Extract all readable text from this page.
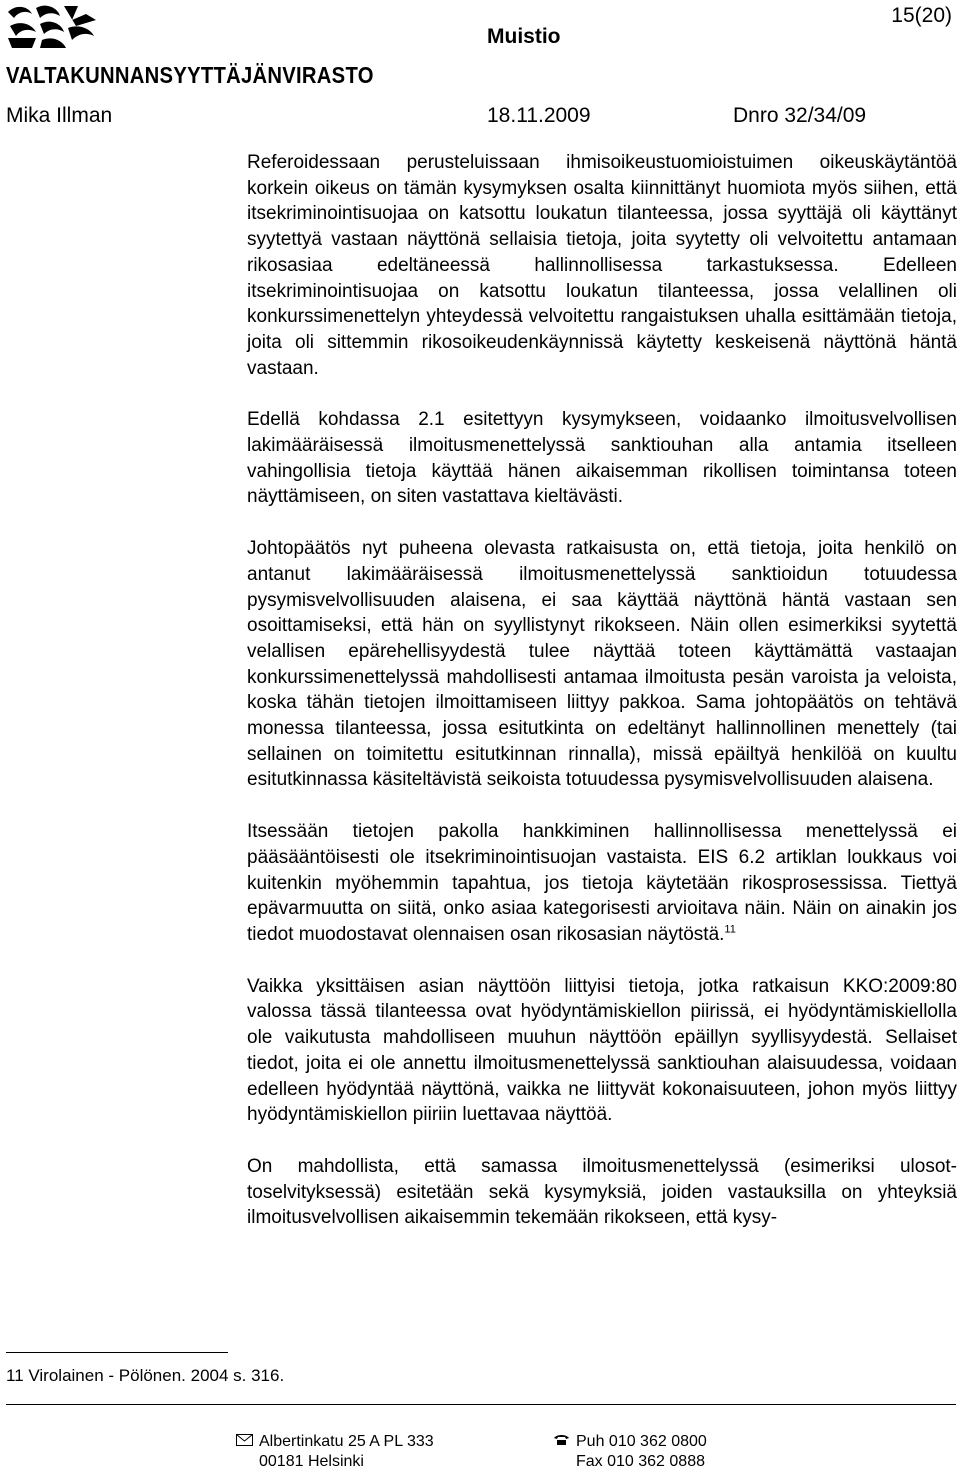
VALTAKUNNANSYYTTÄJÄNVIRASTO
Muistio
15(20)
Mika Illman	18.11.2009	Dnro 32/34/09

Referoidessaan perusteluissaan ihmisoikeustuomioistuimen oikeuskäytäntöä korkein oikeus on tämän kysymyksen osalta kiinnittänyt huomiota myös siihen, että itsekriminointisuojaa on katsottu loukatun tilanteessa, jossa syyttäjä oli käyttänyt syytettyä vastaan näyttönä sellaisia tietoja, joita syytetty oli velvoitettu antamaan rikosasiaa edeltäneessä hallinnollisessa tarkastuksessa. Edelleen itsekriminointisuojaa on katsottu loukatun tilanteessa, jossa velallinen oli konkurssimenettelyn yhteydessä velvoitettu rangaistuksen uhalla esittämään tietoja, joita oli sittemmin rikosoikeudenkäynnissä käytetty keskeisenä näyttönä häntä vastaan.

Edellä kohdassa 2.1 esitettyyn kysymykseen, voidaanko ilmoitusvelvollisen lakimääräisessä ilmoitusmenettelyssä sanktiouhan alla antamia itselleen vahingollisia tietoja käyttää hänen aikaisemman rikollisen toimintansa toteen näyttämiseen, on siten vastattava kieltävästi.

Johtopäätös nyt puheena olevasta ratkaisusta on, että tietoja, joita henkilö on antanut lakimääräisessä ilmoitusmenettelyssä sanktioidun totuudessa pysymisvelvollisuuden alaisena, ei saa käyttää näyttönä häntä vastaan sen osoittamiseksi, että hän on syyllistynyt rikokseen. Näin ollen esimerkiksi syytettä velallisen epärehellisyydestä tulee näyttää toteen käyttämättä vastaajan konkurssimenettelyssä mahdollisesti antamaa ilmoitusta pesän varoista ja veloista, koska tähän tietojen ilmoittamiseen liittyy pakkoa. Sama johtopäätös on tehtävä monessa tilanteessa, jossa esitutkinta on edeltänyt hallinnollinen menettely (tai sellainen on toimitettu esitutkinnan rinnalla), missä epäiltyä henkilöä on kuultu esitutkinnassa käsiteltävistä seikoista totuudessa pysymisvelvollisuuden alaisena.

Itsessään tietojen pakolla hankkiminen hallinnollisessa menettelyssä ei pääsääntöisesti ole itsekriminointisuojan vastaista. EIS 6.2 artiklan loukkaus voi kuitenkin myöhemmin tapahtua, jos tietoja käytetään rikosprosessissa. Tiettyä epävarmuutta on siitä, onko asiaa kategorisesti arvioitava näin. Näin on ainakin jos tiedot muodostavat olennaisen osan rikosasian näytöstä.$^{11}$

Vaikka yksittäisen asian näyttöön liittyisi tietoja, jotka ratkaisun KKO:2009:80 valossa tässä tilanteessa ovat hyödyntämiskiellon piirissä, ei hyödyntämiskiellolla ole vaikutusta mahdolliseen muuhun näyttöön epäillyn syyllisyydestä. Sellaiset tiedot, joita ei ole annettu ilmoitusmenettelyssä sanktiouhan alaisuudessa, voidaan edelleen hyödyntää näyttönä, vaikka ne liittyvät kokonaisuuteen, johon myös liittyy hyödyntämiskiellon piiriin luettavaa näyttöä.

On mahdollista, että samassa ilmoitusmenettelyssä (esimeriksi ulosottoselvityksessä) esitetään sekä kysymyksiä, joiden vastauksilla on yhteyksiä ilmoitusvelvollisen aikaisemmin tekemään rikokseen, että kysy-

11 Virolainen - Pölönen. 2004 s. 316.
Albertinkatu 25 A PL 333
00181 Helsinki
Puh 010 362 0800
Fax 010 362 0888
